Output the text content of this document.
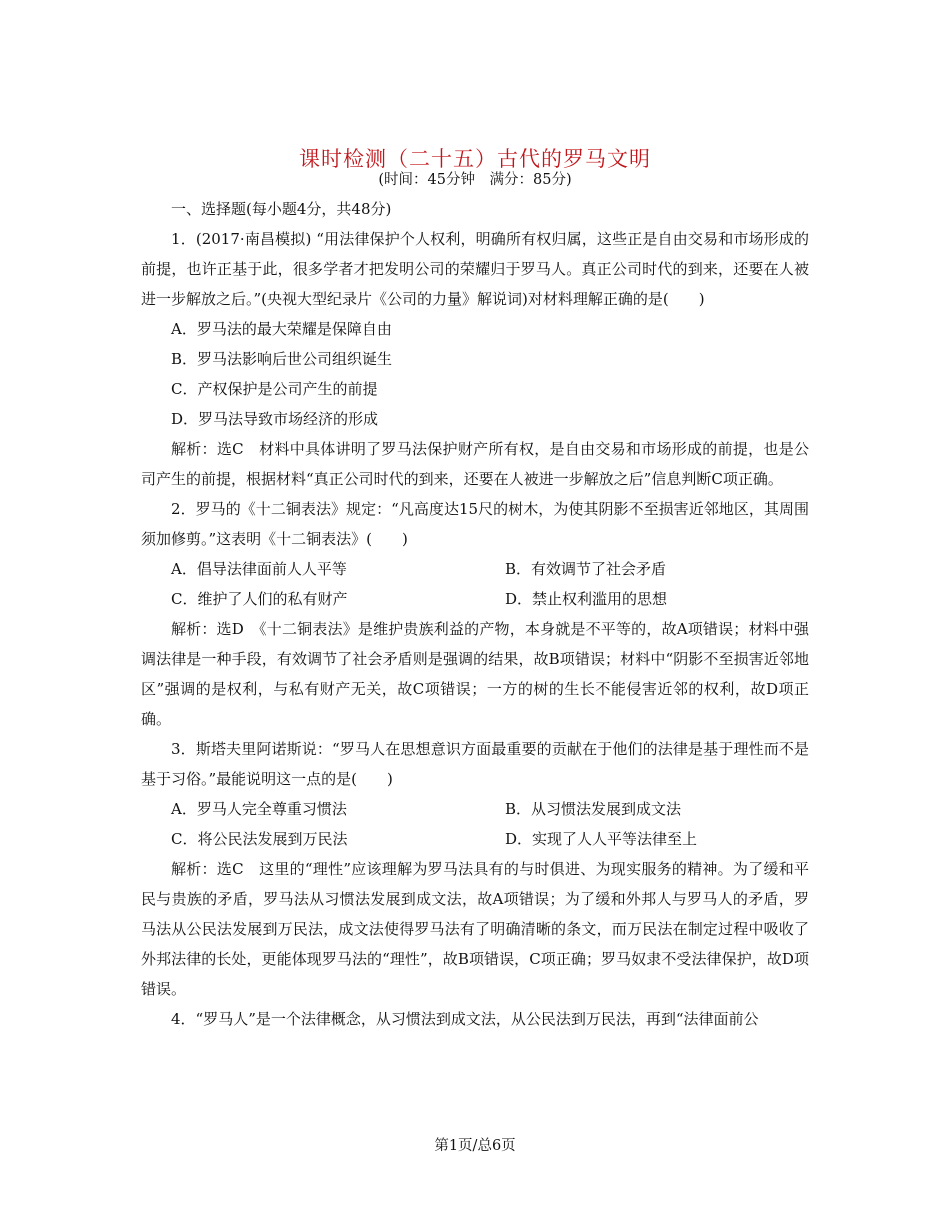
课时检测（二十五）古代的罗马文明
(时间：45分钟　满分：85分)
一、选择题(每小题4分，共48分)
1．(2017·南昌模拟) “用法律保护个人权利，明确所有权归属，这些正是自由交易和市场形成的前提，也许正基于此，很多学者才把发明公司的荣耀归于罗马人。真正公司时代的到来，还要在人被进一步解放之后。”(央视大型纪录片《公司的力量》解说词)对材料理解正确的是(　　)
A．罗马法的最大荣耀是保障自由
B．罗马法影响后世公司组织诞生
C．产权保护是公司产生的前提
D．罗马法导致市场经济的形成
解析：选C　材料中具体讲明了罗马法保护财产所有权，是自由交易和市场形成的前提，也是公司产生的前提，根据材料“真正公司时代的到来，还要在人被进一步解放之后”信息判断C项正确。
2．罗马的《十二铜表法》规定：“凡高度达15尺的树木，为使其阴影不至损害近邻地区，其周围须加修剪。”这表明《十二铜表法》(　　)
A．倡导法律面前人人平等	B．有效调节了社会矛盾
C．维护了人们的私有财产	D．禁止权利滥用的思想
解析：选D　《十二铜表法》是维护贵族利益的产物，本身就是不平等的，故A项错误；材料中强调法律是一种手段，有效调节了社会矛盾则是强调的结果，故B项错误；材料中“阴影不至损害近邻地区”强调的是权利，与私有财产无关，故C项错误；一方的树的生长不能侵害近邻的权利，故D项正确。
3．斯塔夫里阿诺斯说：“罗马人在思想意识方面最重要的贡献在于他们的法律是基于理性而不是基于习俗。”最能说明这一点的是(　　)
A．罗马人完全尊重习惯法	B．从习惯法发展到成文法
C．将公民法发展到万民法	D．实现了人人平等法律至上
解析：选C　这里的“理性”应该理解为罗马法具有的与时俱进、为现实服务的精神。为了缓和平民与贵族的矛盾，罗马法从习惯法发展到成文法，故A项错误；为了缓和外邦人与罗马人的矛盾，罗马法从公民法发展到万民法，成文法使得罗马法有了明确清晰的条文，而万民法在制定过程中吸收了外邦法律的长处，更能体现罗马法的“理性”，故B项错误，C项正确；罗马奴隶不受法律保护，故D项错误。
4．“罗马人”是一个法律概念，从习惯法到成文法，从公民法到万民法，再到“法律面前公
第1页/总6页
